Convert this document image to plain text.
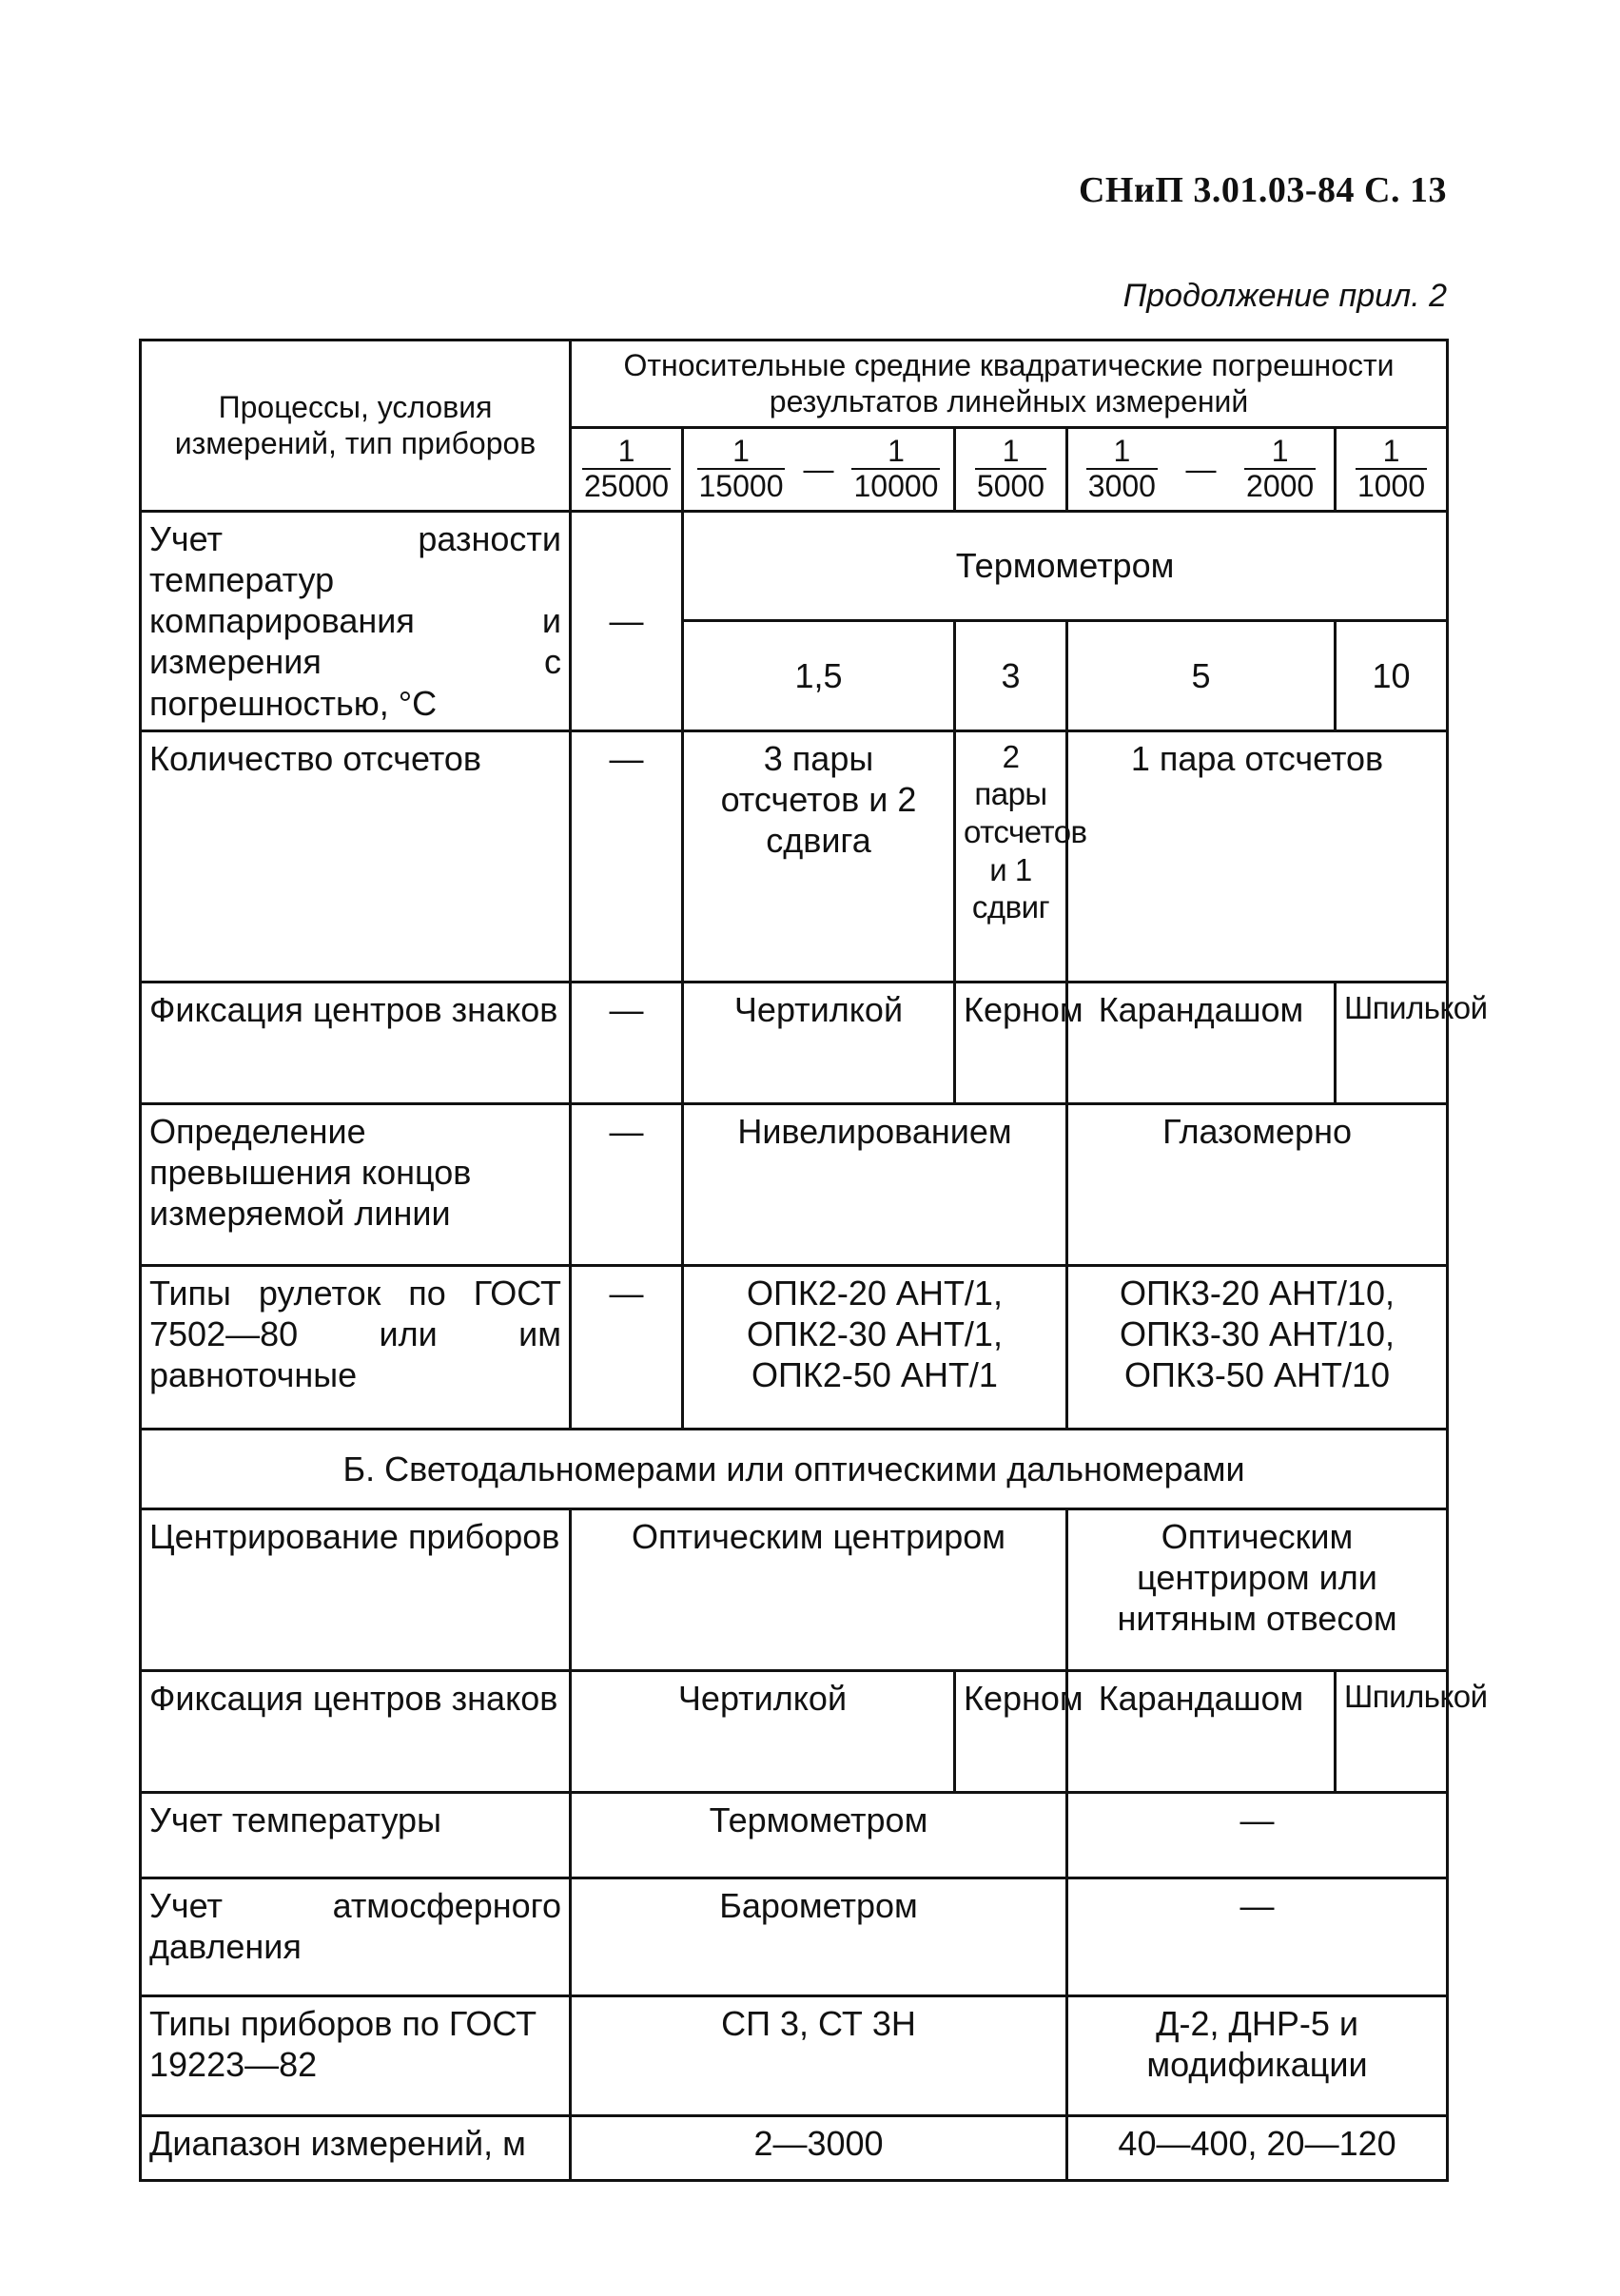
СНиП 3.01.03-84 С. 13
Продолжение прил. 2
Процессы, условия измерений, тип приборов	Относительные средние квадратические погрешности результатов линейных измерений				

	$\frac{1}{25000}$	$\frac{1}{15000}$ — $\frac{1}{10000}$	$\frac{1}{5000}$	$\frac{1}{3000}$ — $\frac{1}{2000}$	$\frac{1}{1000}$

Учет разности температур компарирования и измерения с погрешностью, °С	—	Термометром			
		1,5	3	5	10
Количество отсчетов	—	3 пары отсчетов и 2 сдвига	2 пары отсчетов и 1 сдвиг	1 пара отсчетов	
Фиксация центров знаков	—	Чертилкой	Керном	Карандашом	Шпилькой
Определение превышения концов измеряемой линии	—	Нивелированием		Глазомерно	
Типы рулеток по ГОСТ 7502—80 или им равноточные	—	ОПК2-20 АНТ/1, ОПК2-30 АНТ/1, ОПК2-50 АНТ/1		ОПК3-20 АНТ/10, ОПК3-30 АНТ/10, ОПК3-50 АНТ/10	
Б. Светодальномерами или оптическими дальномерами					
Центрирование приборов	Оптическим центриром			Оптическим центриром или нитяным отвесом	
Фиксация центров знаков	Чертилкой		Керном	Карандашом	Шпилькой
Учет температуры	Термометром			—	
Учет атмосферного давления	Барометром			—	
Типы приборов по ГОСТ 19223—82	СП 3, СТ 3Н			Д-2, ДНР-5 и модификации	
Диапазон измерений, м	2—3000			40—400, 20—120	
